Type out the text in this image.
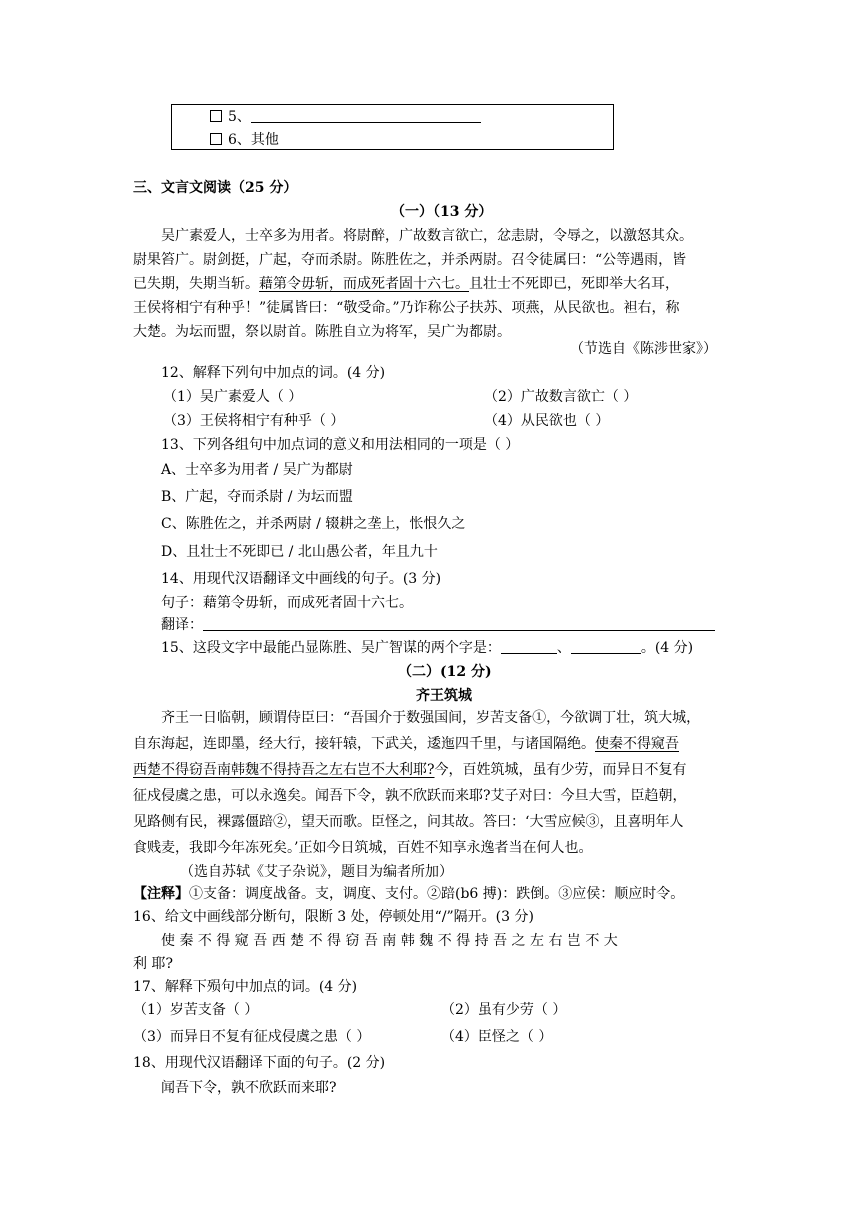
5、
6、其他
三、文言文阅读（25 分）
（一）（13 分）
吴广素爱人，士卒多为用者。将尉醉，广故数言欲亡，忿恚尉，令辱之，以激怒其众。
尉果笞广。尉剑挺，广起，夺而杀尉。陈胜佐之，并杀两尉。召令徒属曰：“公等遇雨，皆
已失期，失期当斩。藉第令毋斩，而成死者固十六七。且壮士不死即已，死即举大名耳，
王侯将相宁有种乎！”徒属皆曰：“敬受命。”乃诈称公子扶苏、项燕，从民欲也。袒右，称
大楚。为坛而盟，祭以尉首。陈胜自立为将军，吴广为都尉。
（节选自《陈涉世家》）
12、解释下列句中加点的词。(4 分)
（1）吴广素爱人（ ）	（2）广故数言欲亡（ ）
（3）王侯将相宁有种乎（ ）	（4）从民欲也（ ）
13、下列各组句中加点词的意义和用法相同的一项是（ ）
A、士卒多为用者 / 吴广为都尉
B、广起，夺而杀尉 / 为坛而盟
C、陈胜佐之，并杀两尉 / 辍耕之垄上，怅恨久之
D、且壮士不死即已 / 北山愚公者，年且九十
14、用现代汉语翻译文中画线的句子。(3 分)
句子：藉第令毋斩，而成死者固十六七。
翻译：
15、这段文字中最能凸显陈胜、吴广智谋的两个字是：	、	。(4 分)
（二）(12 分)
齐王筑城
齐王一日临朝，顾谓侍臣曰：“吾国介于数强国间，岁苦支备①，今欲调丁壮，筑大城，
自东海起，连即墨，经大行，接轩辕，下武关，逶迤四千里，与诸国隔绝。使秦不得窥吾
西楚不得窃吾南韩魏不得持吾之左右岂不大利耶?今，百姓筑城，虽有少劳，而异日不复有
征戍侵虞之患，可以永逸矣。闻吾下令，孰不欣跃而来耶?艾子对曰：今旦大雪，臣趋朝，
见路侧有民，裸露僵踣②，望天而歌。臣怪之，问其故。答曰：‘大雪应候③，且喜明年人
食贱麦，我即今年冻死矣。’正如今日筑城，百姓不知享永逸者当在何人也。
（选自苏轼《艾子杂说》，题目为编者所加）
【注释】①支备：调度战备。支，调度、支付。②踣(b6 搏)：跌倒。③应侯：顺应时令。
16、给文中画线部分断句，限断 3 处，停顿处用“/”隔开。(3 分)
使 秦 不 得 窥 吾 西 楚 不 得 窃 吾 南 韩 魏 不 得 持 吾 之 左 右 岂 不 大
利 耶?
17、解释下殒句中加点的词。(4 分)
（1）岁苦支备（ ）	（2）虽有少劳（ ）
（3）而异日不复有征戍侵虞之患（ ）	（4）臣怪之（ ）
18、用现代汉语翻译下面的句子。(2 分)
闻吾下令，孰不欣跃而来耶?
